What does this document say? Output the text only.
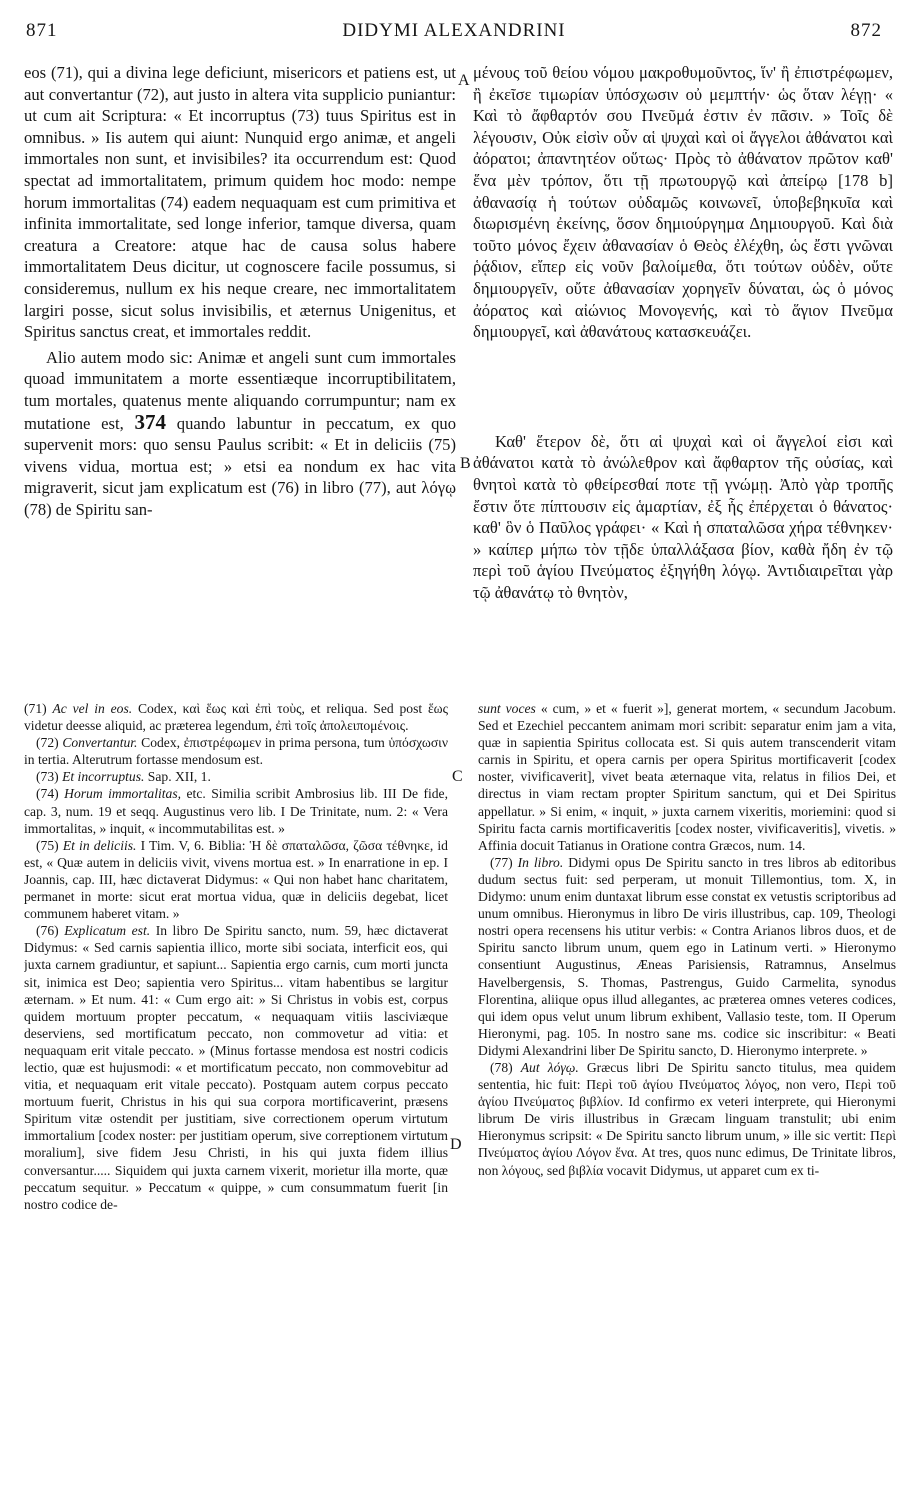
871	DIDYMI ALEXANDRINI	872
A
B
C
D

eos (71), qui a divina lege deficiunt, misericors et patiens est, ut aut convertantur (72), aut justo in altera vita supplicio puniantur: ut cum ait Scriptura: « Et incorruptus (73) tuus Spiritus est in omnibus. » Iis autem qui aiunt: Nunquid ergo animæ, et angeli immortales non sunt, et invisibiles? ita occurrendum est: Quod spectat ad immortalitatem, primum quidem hoc modo: nempe horum immortalitas (74) eadem nequaquam est cum primitiva et infinita immortalitate, sed longe inferior, tamque diversa, quam creatura a Creatore: atque hac de causa solus habere immortalitatem Deus dicitur, ut cognoscere facile possumus, si consideremus, nullum ex his neque creare, nec immortalitatem largiri posse, sicut solus invisibilis, et æternus Unigenitus, et Spiritus sanctus creat, et immortales reddit.

Alio autem modo sic: Animæ et angeli sunt cum immortales quoad immunitatem a morte essentiæque incorruptibilitatem, tum mortales, quatenus mente aliquando corrumpuntur; nam ex mutatione est, 374 quando labuntur in peccatum, ex quo supervenit mors: quo sensu Paulus scribit: « Et in deliciis (75) vivens vidua, mortua est; » etsi ea nondum ex hac vita migraverit, sicut jam explicatum est (76) in libro (77), aut λόγῳ (78) de Spiritu san-

μένους τοῦ θείου νόμου μακροθυμοῦντος, ἵν' ἢ ἐπιστρέφωμεν, ἢ ἐκεῖσε τιμωρίαν ὑπόσχωσιν οὐ μεμπτήν· ὡς ὅταν λέγῃ· « Καὶ τὸ ἄφθαρτόν σου Πνεῦμά ἐστιν ἐν πᾶσιν. » Τοῖς δὲ λέγουσιν, Οὐκ εἰσὶν οὖν αἱ ψυχαὶ καὶ οἱ ἄγγελοι ἀθάνατοι καὶ ἀόρατοι; ἀπαντητέον οὕτως· Πρὸς τὸ ἀθάνατον πρῶτον καθ' ἕνα μὲν τρόπον, ὅτι τῇ πρωτουργῷ καὶ ἀπείρῳ [178 b] ἀθανασίᾳ ἡ τούτων οὐδαμῶς κοινωνεῖ, ὑποβεβηκυῖα καὶ διωρισμένη ἐκείνης, ὅσον δημιούργημα Δημιουργοῦ. Καὶ διὰ τοῦτο μόνος ἔχειν ἀθανασίαν ὁ Θεὸς ἐλέχθη, ὡς ἔστι γνῶναι ῥᾴδιον, εἴπερ εἰς νοῦν βαλοίμεθα, ὅτι τούτων οὐδὲν, οὔτε δημιουργεῖν, οὔτε ἀθανασίαν χορηγεῖν δύναται, ὡς ὁ μόνος ἀόρατος καὶ αἰώνιος Μονογενής, καὶ τὸ ἅγιον Πνεῦμα δημιουργεῖ, καὶ ἀθανάτους κατασκευάζει.

Καθ' ἕτερον δὲ, ὅτι αἱ ψυχαὶ καὶ οἱ ἄγγελοί εἰσι καὶ ἀθάνατοι κατὰ τὸ ἀνώλεθρον καὶ ἄφθαρτον τῆς οὐσίας, καὶ θνητοὶ κατὰ τὸ φθείρεσθαί ποτε τῇ γνώμῃ. Ἀπὸ γὰρ τροπῆς ἔστιν ὅτε πίπτουσιν εἰς ἁμαρτίαν, ἐξ ἧς ἐπέρχεται ὁ θάνατος· καθ' ὃν ὁ Παῦλος γράφει· « Καὶ ἡ σπαταλῶσα χήρα τέθνηκεν· » καίπερ μήπω τὸν τῇδε ὑπαλλάξασα βίον, καθὰ ἤδη ἐν τῷ περὶ τοῦ ἁγίου Πνεύματος ἐξηγήθη λόγῳ. Ἀντιδιαιρεῖται γὰρ τῷ ἀθανάτῳ τὸ θνητὸν,

(71) Ac vel in eos. Codex, καὶ ἕως καὶ ἐπὶ τοὺς, et reliqua. Sed post ἕως videtur deesse aliquid, ac præterea legendum, ἐπὶ τοῖς ἀπολειπομένοις.

(72) Convertantur. Codex, ἐπιστρέφωμεν in prima persona, tum ὑπόσχωσιν in tertia. Alterutrum fortasse mendosum est.

(73) Et incorruptus. Sap. XII, 1.

(74) Horum immortalitas, etc. Similia scribit Ambrosius lib. III De fide, cap. 3, num. 19 et seqq. Augustinus vero lib. I De Trinitate, num. 2: « Vera immortalitas, » inquit, « incommutabilitas est. »

(75) Et in deliciis. I Tim. V, 6. Biblia: Ἡ δὲ σπαταλῶσα, ζῶσα τέθνηκε, id est, « Quæ autem in deliciis vivit, vivens mortua est. » In enarratione in ep. I Joannis, cap. III, hæc dictaverat Didymus: « Qui non habet hanc charitatem, permanet in morte: sicut erat mortua vidua, quæ in deliciis degebat, licet communem haberet vitam. »

(76) Explicatum est. In libro De Spiritu sancto, num. 59, hæc dictaverat Didymus: « Sed carnis sapientia illico, morte sibi sociata, interficit eos, qui juxta carnem gradiuntur, et sapiunt... Sapientia ergo carnis, cum morti juncta sit, inimica est Deo; sapientia vero Spiritus... vitam habentibus se largitur æternam. » Et num. 41: « Cum ergo ait: » Si Christus in vobis est, corpus quidem mortuum propter peccatum, « nequaquam vitiis lasciviæque deserviens, sed mortificatum peccato, non commovetur ad vitia: et nequaquam erit vitale peccato. » (Minus fortasse mendosa est nostri codicis lectio, quæ est hujusmodi: « et mortificatum peccato, non commovebitur ad vitia, et nequaquam erit vitale peccato). Postquam autem corpus peccato mortuum fuerit, Christus in his qui sua corpora mortificaverint, præsens Spiritum vitæ ostendit per justitiam, sive correctionem operum virtutum immortalium [codex noster: per justitiam operum, sive correptionem virtutum moralium], sive fidem Jesu Christi, in his qui juxta fidem illius conversantur..... Siquidem qui juxta carnem vixerit, morietur illa morte, quæ peccatum sequitur. » Peccatum « quippe, » cum consummatum fuerit [in nostro codice de-

sunt voces « cum, » et « fuerit »], generat mortem, « secundum Jacobum. Sed et Ezechiel peccantem animam mori scribit: separatur enim jam a vita, quæ in sapientia Spiritus collocata est. Si quis autem transcenderit vitam carnis in Spiritu, et opera carnis per opera Spiritus mortificaverit [codex noster, vivificaverit], vivet beata æternaque vita, relatus in filios Dei, et directus in viam rectam propter Spiritum sanctum, qui et Dei Spiritus appellatur. » Si enim, « inquit, » juxta carnem vixeritis, moriemini: quod si Spiritu facta carnis mortificaveritis [codex noster, vivificaveritis], vivetis. » Affinia docuit Tatianus in Oratione contra Græcos, num. 14.

(77) In libro. Didymi opus De Spiritu sancto in tres libros ab editoribus dudum sectus fuit: sed perperam, ut monuit Tillemontius, tom. X, in Didymo: unum enim duntaxat librum esse constat ex vetustis scriptoribus ad unum omnibus. Hieronymus in libro De viris illustribus, cap. 109, Theologi nostri opera recensens his utitur verbis: « Contra Arianos libros duos, et de Spiritu sancto librum unum, quem ego in Latinum verti. » Hieronymo consentiunt Augustinus, Æneas Parisiensis, Ratramnus, Anselmus Havelbergensis, S. Thomas, Pastrengus, Guido Carmelita, synodus Florentina, aliique opus illud allegantes, ac præterea omnes veteres codices, qui idem opus velut unum librum exhibent, Vallasio teste, tom. II Operum Hieronymi, pag. 105. In nostro sane ms. codice sic inscribitur: « Beati Didymi Alexandrini liber De Spiritu sancto, D. Hieronymo interprete. »

(78) Aut λόγῳ. Græcus libri De Spiritu sancto titulus, mea quidem sententia, hic fuit: Περὶ τοῦ ἁγίου Πνεύματος λόγος, non vero, Περὶ τοῦ ἁγίου Πνεύματος βιβλίον. Id confirmo ex veteri interprete, qui Hieronymi librum De viris illustribus in Græcam linguam transtulit; ubi enim Hieronymus scripsit: « De Spiritu sancto librum unum, » ille sic vertit: Περὶ Πνεύματος ἁγίου Λόγον ἕνα. At tres, quos nunc edimus, De Trinitate libros, non λόγους, sed βιβλία vocavit Didymus, ut apparet cum ex ti-
